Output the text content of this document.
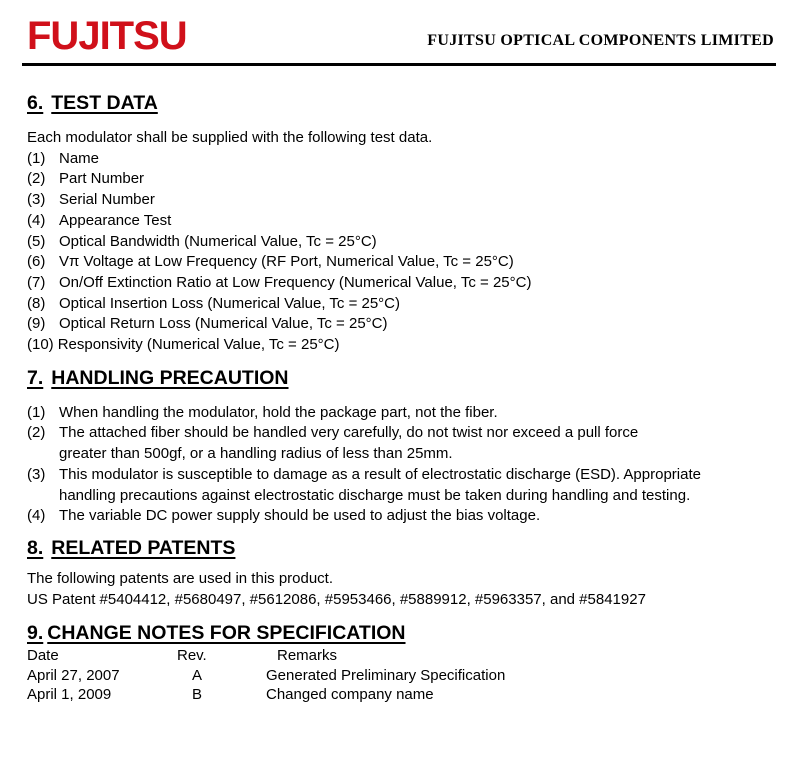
FUJITSU	FUJITSU OPTICAL COMPONENTS LIMITED
6. TEST DATA

Each modulator shall be supplied with the following test data.

(1) Name
(2) Part Number
(3) Serial Number
(4) Appearance Test
(5) Optical Bandwidth (Numerical Value, Tc = 25°C)
(6) Vπ Voltage at Low Frequency (RF Port, Numerical Value, Tc = 25°C)
(7) On/Off Extinction Ratio at Low Frequency (Numerical Value, Tc = 25°C)
(8) Optical Insertion Loss (Numerical Value, Tc = 25°C)
(9) Optical Return Loss (Numerical Value, Tc = 25°C)
(10) Responsivity (Numerical Value, Tc = 25°C)
7. HANDLING PRECAUTION
(1) When handling the modulator, hold the package part, not the fiber.
(2) The attached fiber should be handled very carefully, do not twist nor exceed a pull force greater than 500gf, or a handling radius of less than 25mm.
(3) This modulator is susceptible to damage as a result of electrostatic discharge (ESD). Appropriate handling precautions against electrostatic discharge must be taken during handling and testing.
(4) The variable DC power supply should be used to adjust the bias voltage.
8. RELATED PATENTS

The following patents are used in this product.

US Patent #5404412, #5680497, #5612086, #5953466, #5889912, #5963357, and #5841927

9. CHANGE NOTES FOR SPECIFICATION
Date	Rev.	Remarks
April 27, 2007	A	Generated Preliminary Specification
April 1, 2009	B	Changed company name
